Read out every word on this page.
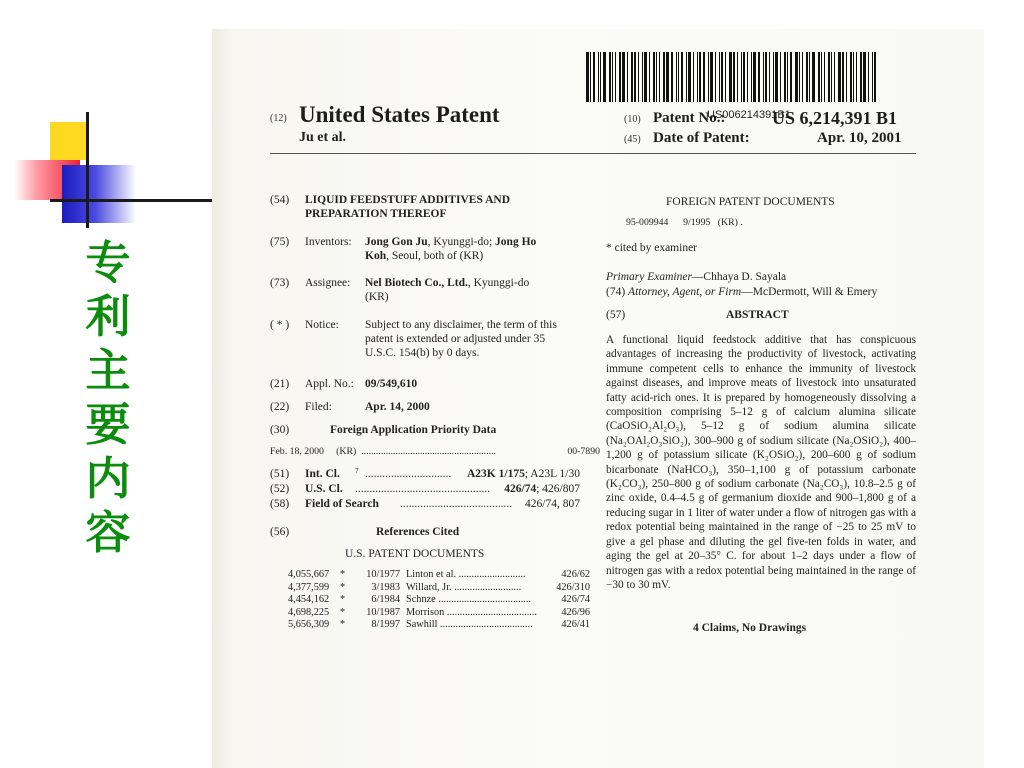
专利主要内容
US006214391B1
(12) United States Patent
Ju et al.
(10) Patent No.:	US 6,214,391 B1
(45) Date of Patent:	Apr. 10, 2001
(54)	LIQUID FEEDSTUFF ADDITIVES AND
PREPARATION THEREOF
(75)	Inventors: Jong Gon Ju, Kyunggi-do; Jong Ho
Koh, Seoul, both of (KR)
(73)	Assignee: Nel Biotech Co., Ltd., Kyunggi-do
(KR)
( * )	Notice: Subject to any disclaimer, the term of this
patent is extended or adjusted under 35
U.S.C. 154(b) by 0 days.
(21)	Appl. No.: 09/549,610
(22)	Filed:	Apr. 14, 2000
(30)	Foreign Application Priority Data
Feb. 18, 2000 (KR) .......................................................	00-7890
(51)	Int. Cl. 7 .............................. A23K 1/175; A23L 1/30
(52)	U.S. Cl. ............................................... 426/74; 426/807
(58)	Field of Search ....................................... 426/74, 807
(56)	References Cited
U.S. PATENT DOCUMENTS
4,055,667	*	10/1977 Linton et al. ..........................	426/62
4,377,599	*	3/1983 Willard, Jr. ..........................	426/310
4,454,162	*	6/1984 Schnze ....................................	426/74
4,698,225	*	10/1987 Morrison ...................................	426/96
5,656,309	*	8/1997 Sawhill ....................................	426/41
FOREIGN PATENT DOCUMENTS
95-009944 9/1995 (KR) .
* cited by examiner
Primary Examiner—Chhaya D. Sayala
(74) Attorney, Agent, or Firm—McDermott, Will & Emery
(57)	ABSTRACT
A functional liquid feedstock additive that has conspicuous advantages of increasing the productivity of livestock, activating immune competent cells to enhance the immunity of livestock against diseases, and improve meats of livestock into unsaturated fatty acid-rich ones. It is prepared by homogeneously dissolving a composition comprising 5–12 g of calcium alumina silicate (CaOSiO₂Al₂O₃), 5–12 g of sodium alumina silicate (Na₂OAl₂O₃SiO₂), 300–900 g of sodium silicate (Na₂OSiO₂), 400–1,200 g of potassium silicate (K₂OSiO₂), 200–600 g of sodium bicarbonate (NaHCO₃), 350–1,100 g of potassium carbonate (K₂CO₃), 250–800 g of sodium carbonate (Na₂CO₃), 10.8–2.5 g of zinc oxide, 0.4–4.5 g of germanium dioxide and 900–1,800 g of a reducing sugar in 1 liter of water under a flow of nitrogen gas with a redox potential being maintained in the range of −25 to 25 mV to give a gel phase and diluting the gel five-ten folds in water, and aging the gel at 20–35° C. for about 1–2 days under a flow of nitrogen gas with a redox potential being maintained in the range of −30 to 30 mV.
4 Claims, No Drawings
